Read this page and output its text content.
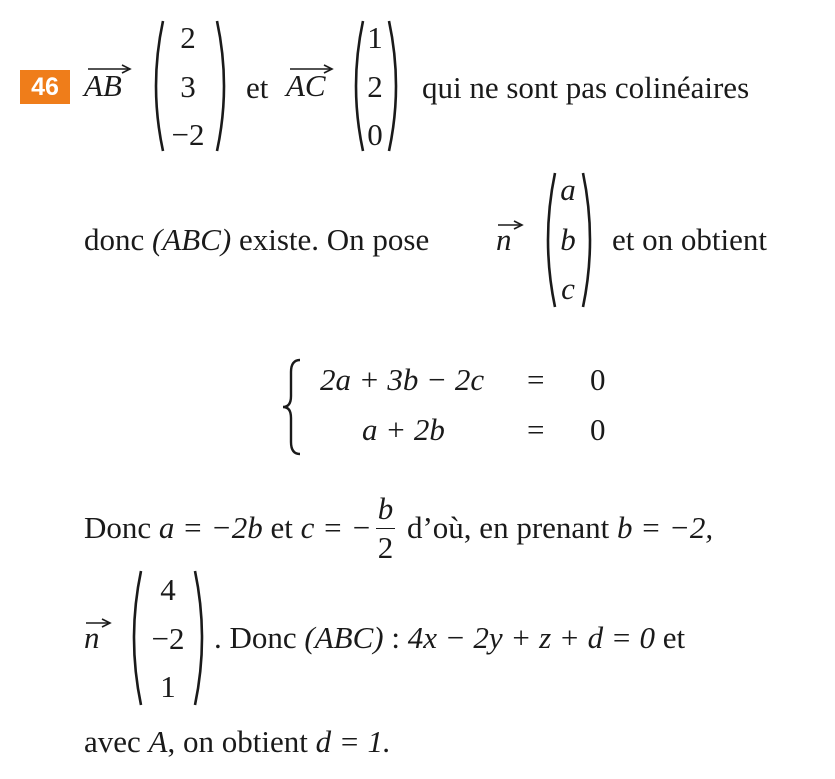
46 AB
2
3
−2
et AC
1
2
0
qui ne sont pas colinéaires
donc (ABC) existe. On pose n
a
b
c
et on obtient
2a + 3b − 2c = 0
a + 2b	= 0
Donc
a = −2b
et
c = − $\frac{b}{2}$
d’où, en prenant
b = −2,
n
4
−2
1
. Donc (ABC) : 4x − 2y + z + d = 0 et
avec A, on obtient d = 1.
